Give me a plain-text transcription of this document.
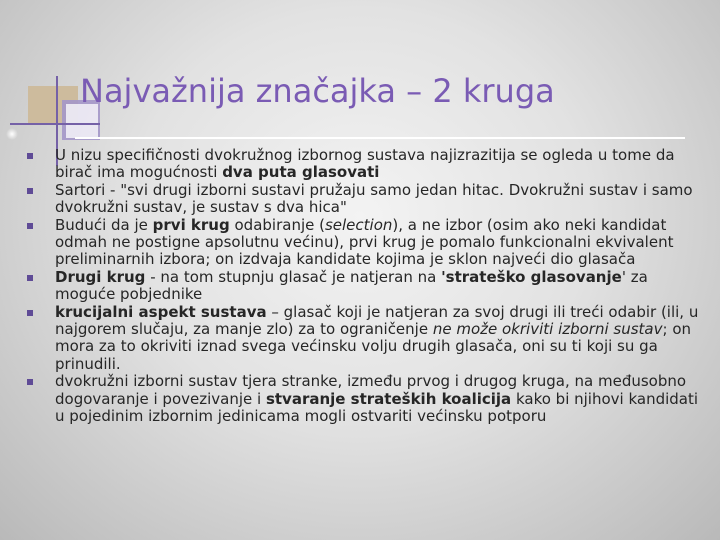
Najvažnija značajka – 2 kruga
U nizu specifičnosti dvokružnog izbornog sustava najizrazitija se ogleda u tome da birač ima mogućnosti dva puta glasovati
Sartori - "svi drugi izborni sustavi pružaju samo jedan hitac. Dvokružni sustav i samo dvokružni sustav, je sustav s dva hica"
Budući da je prvi krug odabiranje (selection), a ne izbor (osim ako neki kandidat odmah ne postigne apsolutnu većinu), prvi krug je pomalo funkcionalni ekvivalent preliminarnih izbora; on izdvaja kandidate kojima je sklon najveći dio glasača
Drugi krug - na tom stupnju glasač je natjeran na 'strateško glasovanje' za moguće pobjednike
krucijalni aspekt sustava – glasač koji je natjeran za svoj drugi ili treći odabir (ili, u najgorem slučaju, za manje zlo) za to ograničenje ne može okriviti izborni sustav; on mora za to okriviti iznad svega većinsku volju drugih glasača, oni su ti koji su ga prinudili.
dvokružni izborni sustav tjera stranke, između prvog i drugog kruga, na međusobno dogovaranje i povezivanje i stvaranje strateških koalicija kako bi njihovi kandidati u pojedinim izbornim jedinicama mogli ostvariti većinsku potporu
